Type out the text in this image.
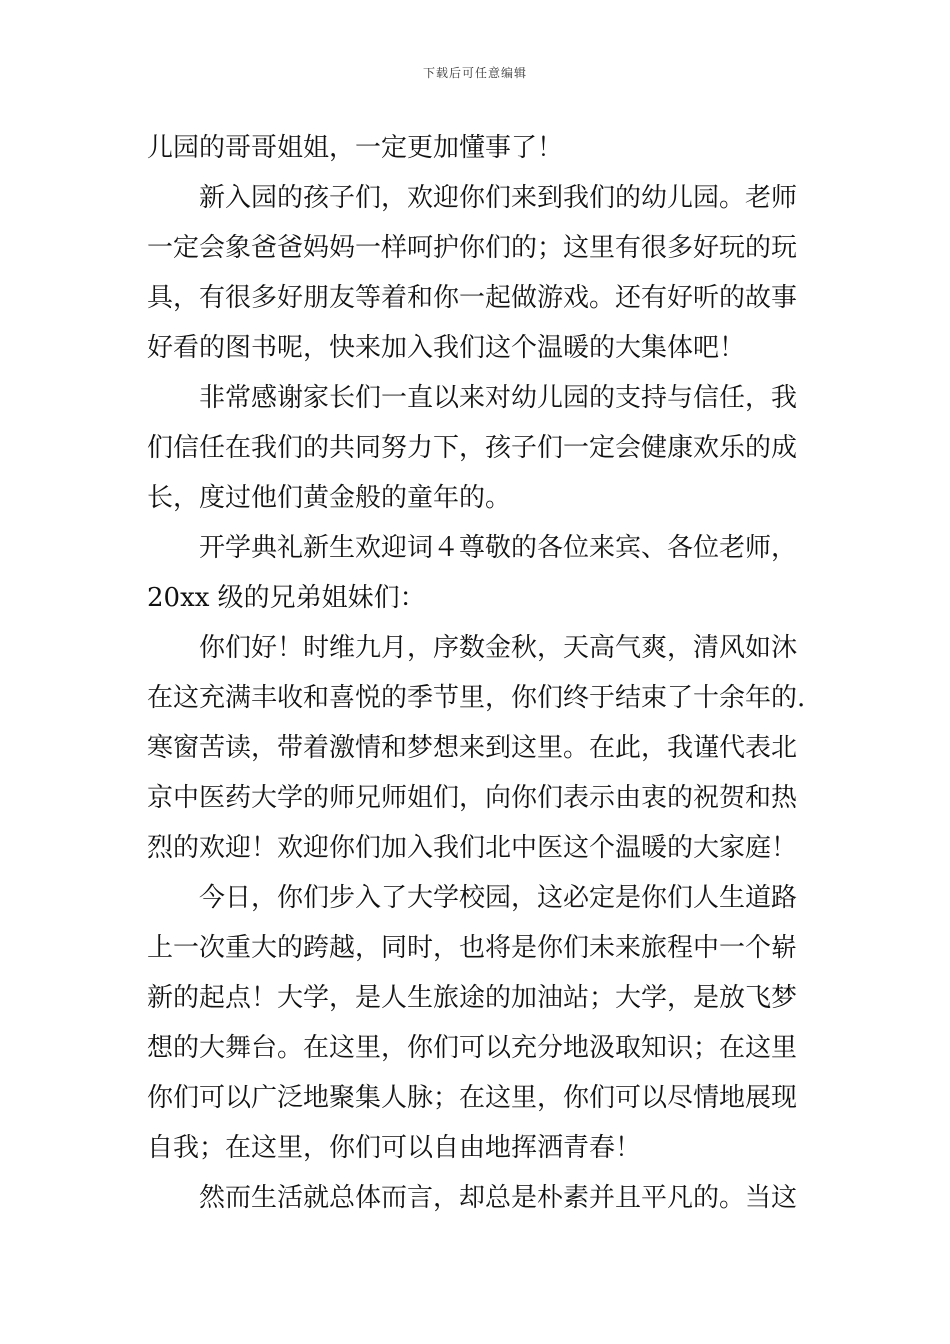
下载后可任意编辑
儿园的哥哥姐姐，一定更加懂事了！
新入园的孩子们，欢迎你们来到我们的幼儿园。老师
一定会象爸爸妈妈一样呵护你们的；这里有很多好玩的玩
具，有很多好朋友等着和你一起做游戏。还有好听的故事
好看的图书呢，快来加入我们这个温暖的大集体吧！
非常感谢家长们一直以来对幼儿园的支持与信任，我
们信任在我们的共同努力下，孩子们一定会健康欢乐的成
长，度过他们黄金般的童年的。
开学典礼新生欢迎词４尊敬的各位来宾、各位老师，
20xx 级的兄弟姐妹们：
你们好！时维九月，序数金秋，天高气爽，清风如沐
在这充满丰收和喜悦的季节里，你们终于结束了十余年的.
寒窗苦读，带着激情和梦想来到这里。在此，我谨代表北
京中医药大学的师兄师姐们，向你们表示由衷的祝贺和热
烈的欢迎！欢迎你们加入我们北中医这个温暖的大家庭！
今日，你们步入了大学校园，这必定是你们人生道路
上一次重大的跨越，同时，也将是你们未来旅程中一个崭
新的起点！大学，是人生旅途的加油站；大学，是放飞梦
想的大舞台。在这里，你们可以充分地汲取知识；在这里
你们可以广泛地聚集人脉；在这里，你们可以尽情地展现
自我；在这里，你们可以自由地挥洒青春！
然而生活就总体而言，却总是朴素并且平凡的。当这
